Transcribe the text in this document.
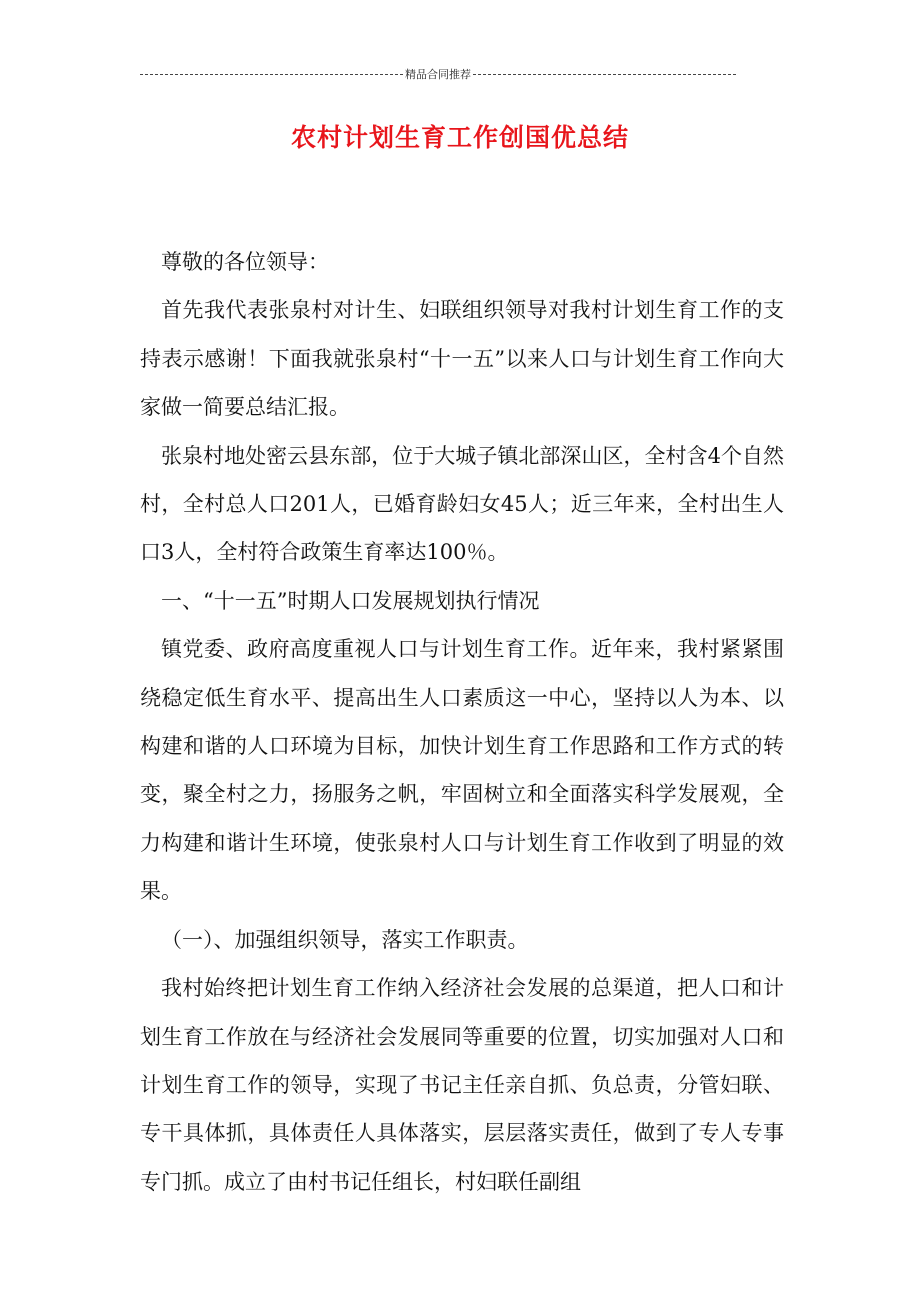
精品合同推荐
农村计划生育工作创国优总结

尊敬的各位领导：

首先我代表张泉村对计生、妇联组织领导对我村计划生育工作的支持表示感谢！下面我就张泉村“十一五”以来人口与计划生育工作向大家做一简要总结汇报。

张泉村地处密云县东部，位于大城子镇北部深山区，全村含4个自然村，全村总人口201人，已婚育龄妇女45人；近三年来，全村出生人口3人，全村符合政策生育率达100％。

一、“十一五”时期人口发展规划执行情况

镇党委、政府高度重视人口与计划生育工作。近年来，我村紧紧围绕稳定低生育水平、提高出生人口素质这一中心，坚持以人为本、以构建和谐的人口环境为目标，加快计划生育工作思路和工作方式的转变，聚全村之力，扬服务之帆，牢固树立和全面落实科学发展观，全力构建和谐计生环境，使张泉村人口与计划生育工作收到了明显的效果。

（一）、加强组织领导，落实工作职责。

我村始终把计划生育工作纳入经济社会发展的总渠道，把人口和计划生育工作放在与经济社会发展同等重要的位置，切实加强对人口和计划生育工作的领导，实现了书记主任亲自抓、负总责，分管妇联、专干具体抓，具体责任人具体落实，层层落实责任，做到了专人专事专门抓。成立了由村书记任组长，村妇联任副组
